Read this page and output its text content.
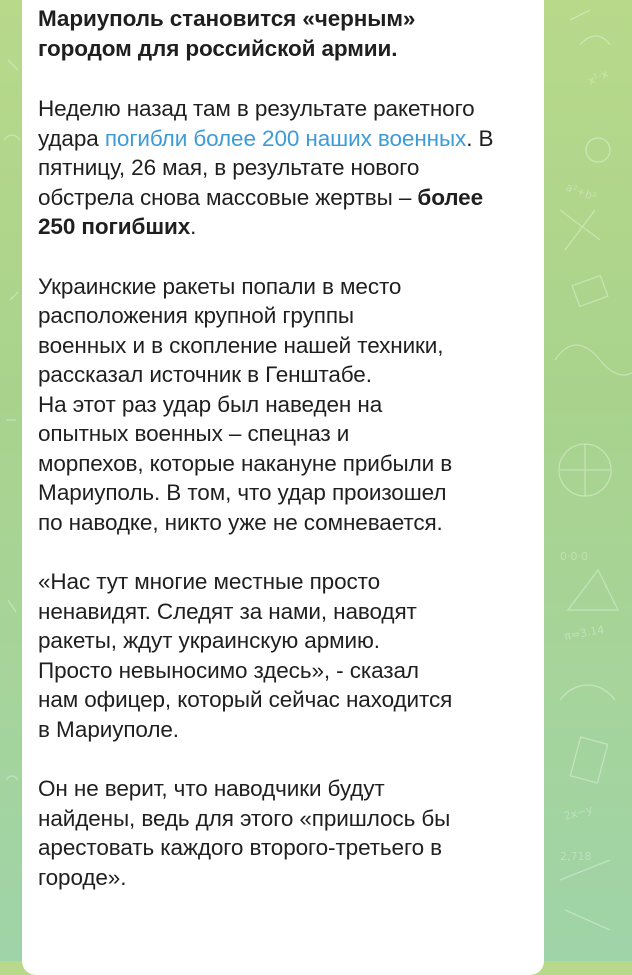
x²·x
a²+b²
0·0·0
π=3.14
2x−y
2,718
Мариуполь становится «черным»
городом для российской армии.
Неделю назад там в результате ракетного удара погибли более 200 наших военных. В пятницу, 26 мая, в результате нового обстрела снова массовые жертвы – более 250 погибших.
Украинские ракеты попали в место
расположения крупной группы
военных и в скопление нашей техники,
рассказал источник в Генштабе.
На этот раз удар был наведен на
опытных военных – спецназ и
морпехов, которые накануне прибыли в
Мариуполь. В том, что удар произошел
по наводке, никто уже не сомневается.
«Нас тут многие местные просто
ненавидят. Следят за нами, наводят
ракеты, ждут украинскую армию.
Просто невыносимо здесь», - сказал
нам офицер, который сейчас находится
в Мариуполе.
Он не верит, что наводчики будут
найдены, ведь для этого «пришлось бы
арестовать каждого второго-третьего в
городе».
